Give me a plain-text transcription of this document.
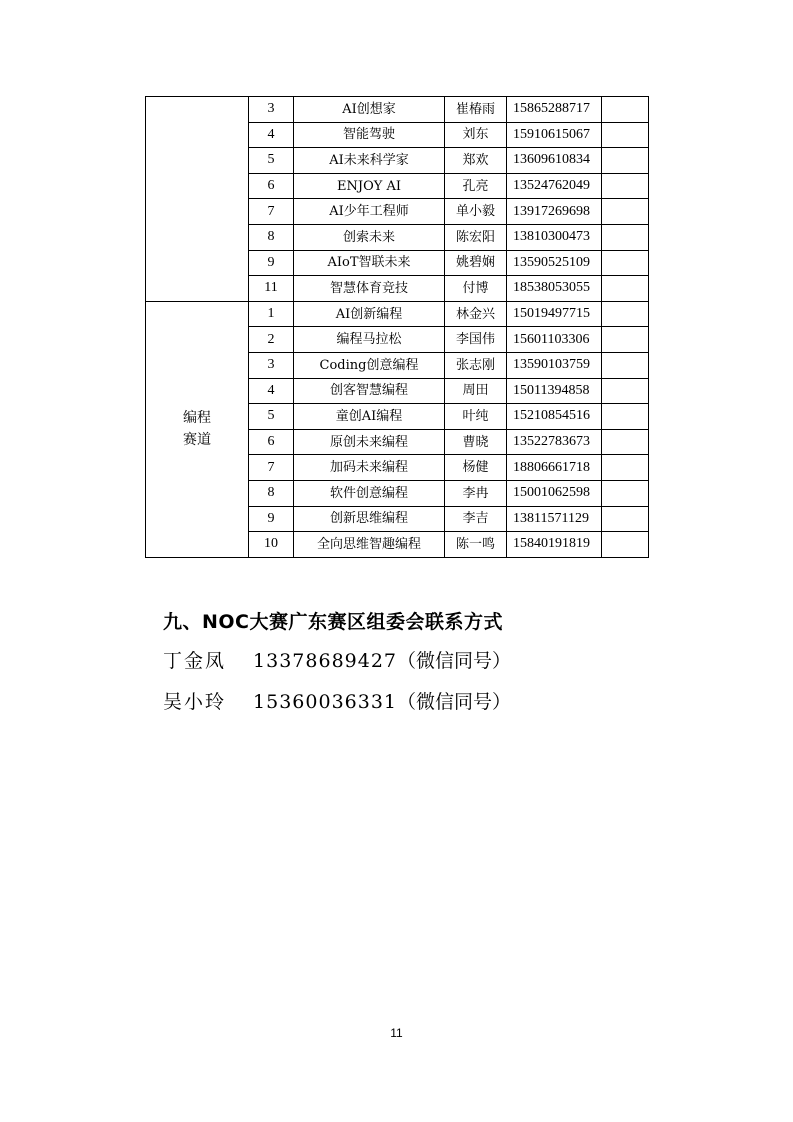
	3	AI创想家	崔椿雨	15865288717	
	4	智能驾驶	刘东	15910615067	
	5	AI未来科学家	郑欢	13609610834	
	6	ENJOY AI	孔亮	13524762049	
	7	AI少年工程师	单小毅	13917269698	
	8	创索未来	陈宏阳	13810300473	
	9	AIoT智联未来	姚碧娴	13590525109	
	11	智慧体育竞技	付博	18538053055	
编程
赛道	1	AI创新编程	林金兴	15019497715	
	2	编程马拉松	李国伟	15601103306	
	3	Coding创意编程	张志刚	13590103759	
	4	创客智慧编程	周田	15011394858	
	5	童创AI编程	叶纯	15210854516	
	6	原创未来编程	曹晓	13522783673	
	7	加码未来编程	杨健	18806661718	
	8	软件创意编程	李冉	15001062598	
	9	创新思维编程	李吉	13811571129	
	10	全向思维智趣编程	陈一鸣	15840191819	
九、NOC大赛广东赛区组委会联系方式
丁金凤 13378689427（微信同号）
吴小玲 15360036331（微信同号）
11
